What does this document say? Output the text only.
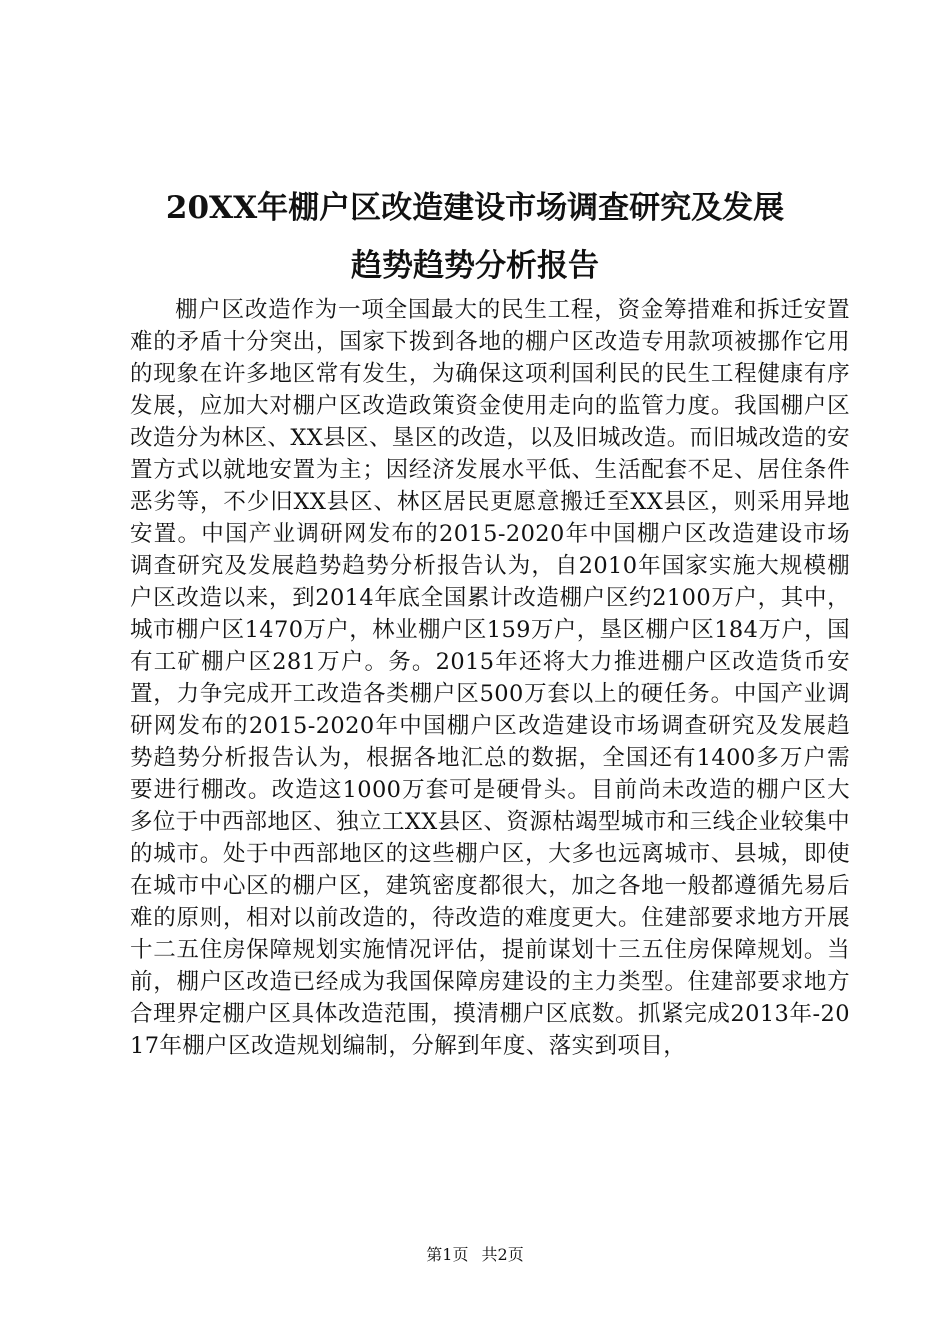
20XX年棚户区改造建设市场调查研究及发展
趋势趋势分析报告

棚户区改造作为一项全国最大的民生工程，资金筹措难和拆迁安置难的矛盾十分突出，国家下拨到各地的棚户区改造专用款项被挪作它用的现象在许多地区常有发生，为确保这项利国利民的民生工程健康有序发展，应加大对棚户区改造政策资金使用走向的监管力度。我国棚户区改造分为林区、XX县区、垦区的改造，以及旧城改造。而旧城改造的安置方式以就地安置为主；因经济发展水平低、生活配套不足、居住条件恶劣等，不少旧XX县区、林区居民更愿意搬迁至XX县区，则采用异地安置。中国产业调研网发布的2015-2020年中国棚户区改造建设市场调查研究及发展趋势趋势分析报告认为，自2010年国家实施大规模棚户区改造以来，到2014年底全国累计改造棚户区约2100万户，其中，城市棚户区1470万户，林业棚户区159万户，垦区棚户区184万户，国有工矿棚户区281万户。务。2015年还将大力推进棚户区改造货币安置，力争完成开工改造各类棚户区500万套以上的硬任务。中国产业调研网发布的2015-2020年中国棚户区改造建设市场调查研究及发展趋势趋势分析报告认为，根据各地汇总的数据，全国还有1400多万户需要进行棚改。改造这1000万套可是硬骨头。目前尚未改造的棚户区大多位于中西部地区、独立工XX县区、资源枯竭型城市和三线企业较集中的城市。处于中西部地区的这些棚户区，大多也远离城市、县城，即使在城市中心区的棚户区，建筑密度都很大，加之各地一般都遵循先易后难的原则，相对以前改造的，待改造的难度更大。住建部要求地方开展十二五住房保障规划实施情况评估，提前谋划十三五住房保障规划。当前，棚户区改造已经成为我国保障房建设的主力类型。住建部要求地方合理界定棚户区具体改造范围，摸清棚户区底数。抓紧完成2013年-2017年棚户区改造规划编制，分解到年度、落实到项目，

第1页 共2页
